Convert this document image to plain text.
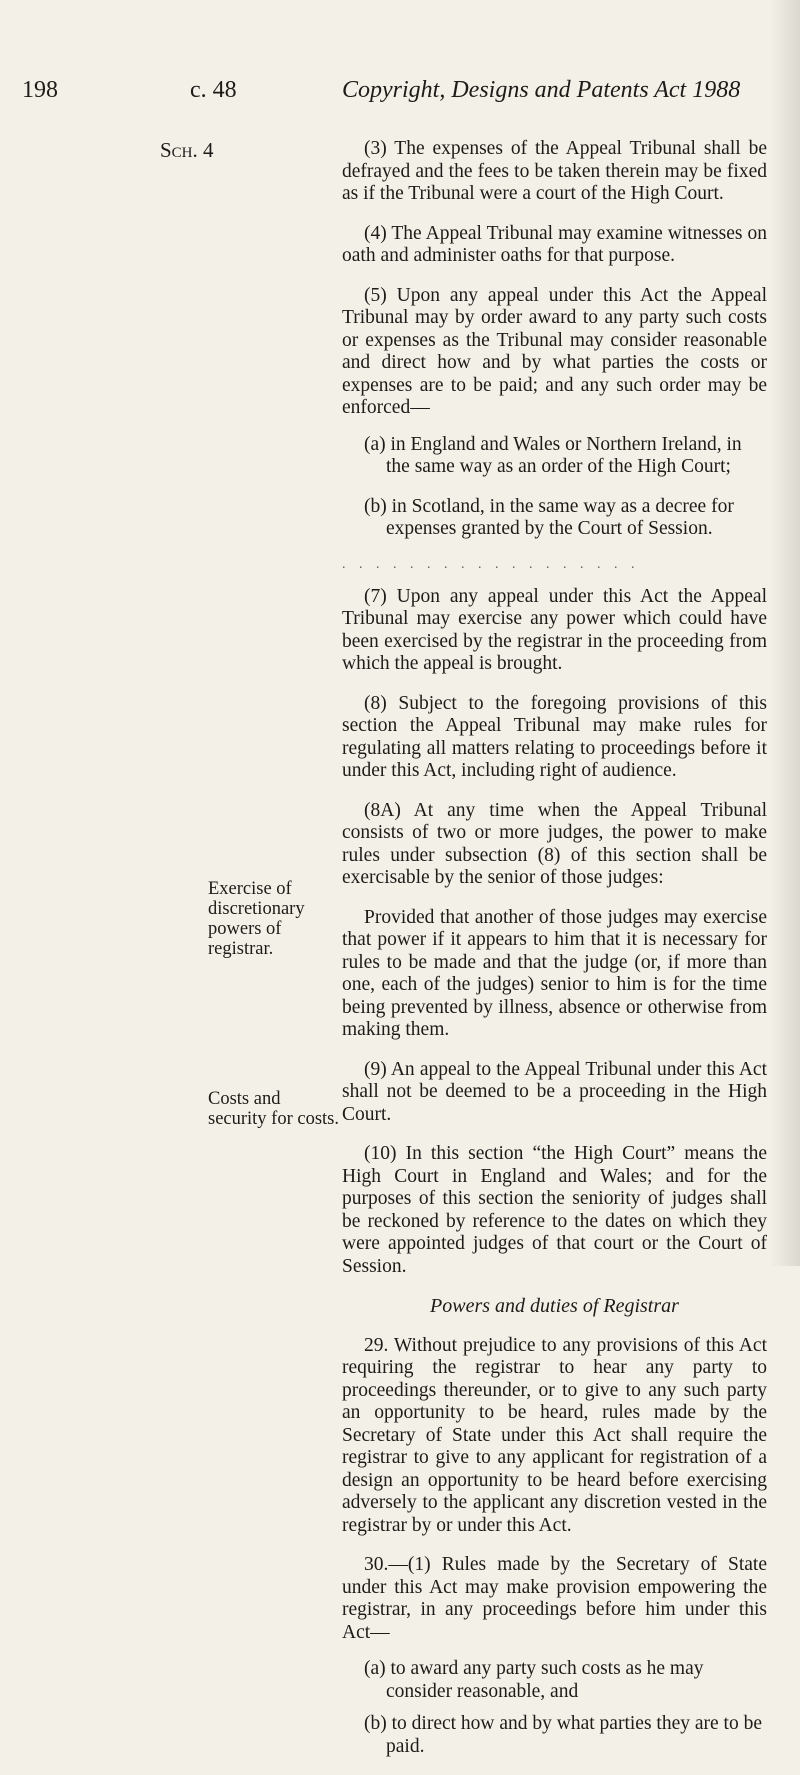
198	c. 48	Copyright, Designs and Patents Act 1988
Sch. 4	(3) The expenses of the Appeal Tribunal shall be defrayed and the fees to be taken therein may be fixed as if the Tribunal were a court of the High Court.

(4) The Appeal Tribunal may examine witnesses on oath and administer oaths for that purpose.

(5) Upon any appeal under this Act the Appeal Tribunal may by order award to any party such costs or expenses as the Tribunal may consider reasonable and direct how and by what parties the costs or expenses are to be paid; and any such order may be enforced—

(a) in England and Wales or Northern Ireland, in the same way as an order of the High Court;

(b) in Scotland, in the same way as a decree for expenses granted by the Court of Session.

. . . . . . . . . . . . . . . . . .

(7) Upon any appeal under this Act the Appeal Tribunal may exercise any power which could have been exercised by the registrar in the proceeding from which the appeal is brought.

(8) Subject to the foregoing provisions of this section the Appeal Tribunal may make rules for regulating all matters relating to proceedings before it under this Act, including right of audience.

(8A) At any time when the Appeal Tribunal consists of two or more judges, the power to make rules under subsection (8) of this section shall be exercisable by the senior of those judges:

Provided that another of those judges may exercise that power if it appears to him that it is necessary for rules to be made and that the judge (or, if more than one, each of the judges) senior to him is for the time being prevented by illness, absence or otherwise from making them.

(9) An appeal to the Appeal Tribunal under this Act shall not be deemed to be a proceeding in the High Court.

(10) In this section “the High Court” means the High Court in England and Wales; and for the purposes of this section the seniority of judges shall be reckoned by reference to the dates on which they were appointed judges of that court or the Court of Session.

Powers and duties of Registrar

29. Without prejudice to any provisions of this Act requiring the registrar to hear any party to proceedings thereunder, or to give to any such party an opportunity to be heard, rules made by the Secretary of State under this Act shall require the registrar to give to any applicant for registration of a design an opportunity to be heard before exercising adversely to the applicant any discretion vested in the registrar by or under this Act.

30.—(1) Rules made by the Secretary of State under this Act may make provision empowering the registrar, in any proceedings before him under this Act—

(a) to award any party such costs as he may consider reasonable, and

(b) to direct how and by what parties they are to be paid.

Exercise of discretionary powers of registrar.
Costs and security for costs.
